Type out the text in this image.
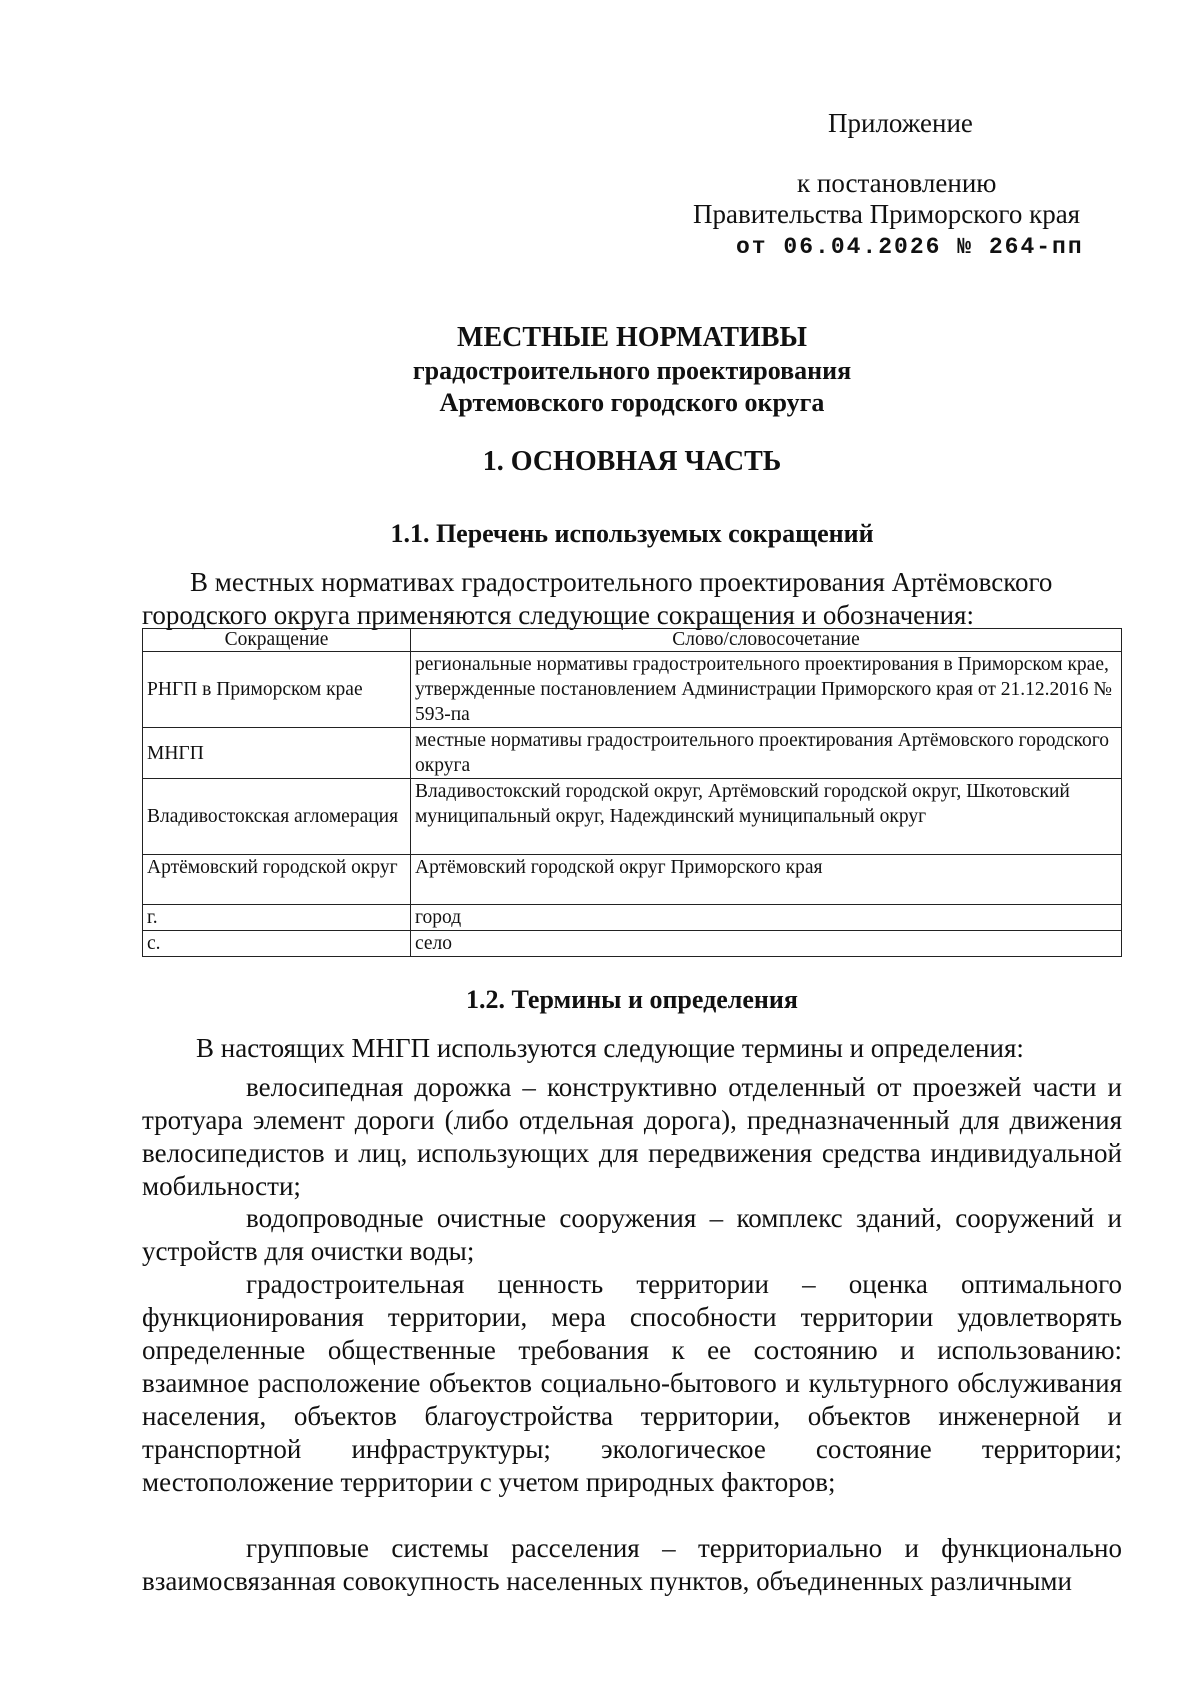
Приложение
к постановлению
Правительства Приморского края
от 06.04.2026 № 264-пп
МЕСТНЫЕ НОРМАТИВЫ
градостроительного проектирования
Артемовского городского округа
1. ОСНОВНАЯ ЧАСТЬ
1.1. Перечень используемых сокращений
В местных нормативах градостроительного проектирования Артёмовского городского округа применяются следующие сокращения и обозначения:
Сокращение	Слово/словосочетание
РНГП в Приморском крае	региональные нормативы градостроительного проектирования в Приморском крае, утвержденные постановлением Администрации Приморского края от 21.12.2016 № 593-па
МНГП	местные нормативы градостроительного проектирования Артёмовского городского округа
Владивостокская агломерация	Владивостокский городской округ, Артёмовский городской округ, Шкотовский муниципальный округ, Надеждинский муниципальный округ
Артёмовский городской округ	Артёмовский городской округ Приморского края
г.	город
с.	село
1.2. Термины и определения
В настоящих МНГП используются следующие термины и определения:
велосипедная дорожка – конструктивно отделенный от проезжей части и тротуара элемент дороги (либо отдельная дорога), предназначенный для движения велосипедистов и лиц, использующих для передвижения средства индивидуальной мобильности;
водопроводные очистные сооружения – комплекс зданий, сооружений и устройств для очистки воды;
градостроительная ценность территории – оценка оптимального функционирования территории, мера способности территории удовлетворять определенные общественные требования к ее состоянию и использованию: взаимное расположение объектов социально-бытового и культурного обслуживания населения, объектов благоустройства территории, объектов инженерной и транспортной инфраструктуры; экологическое состояние территории; местоположение территории с учетом природных факторов;
групповые системы расселения – территориально и функционально взаимосвязанная совокупность населенных пунктов, объединенных различными
